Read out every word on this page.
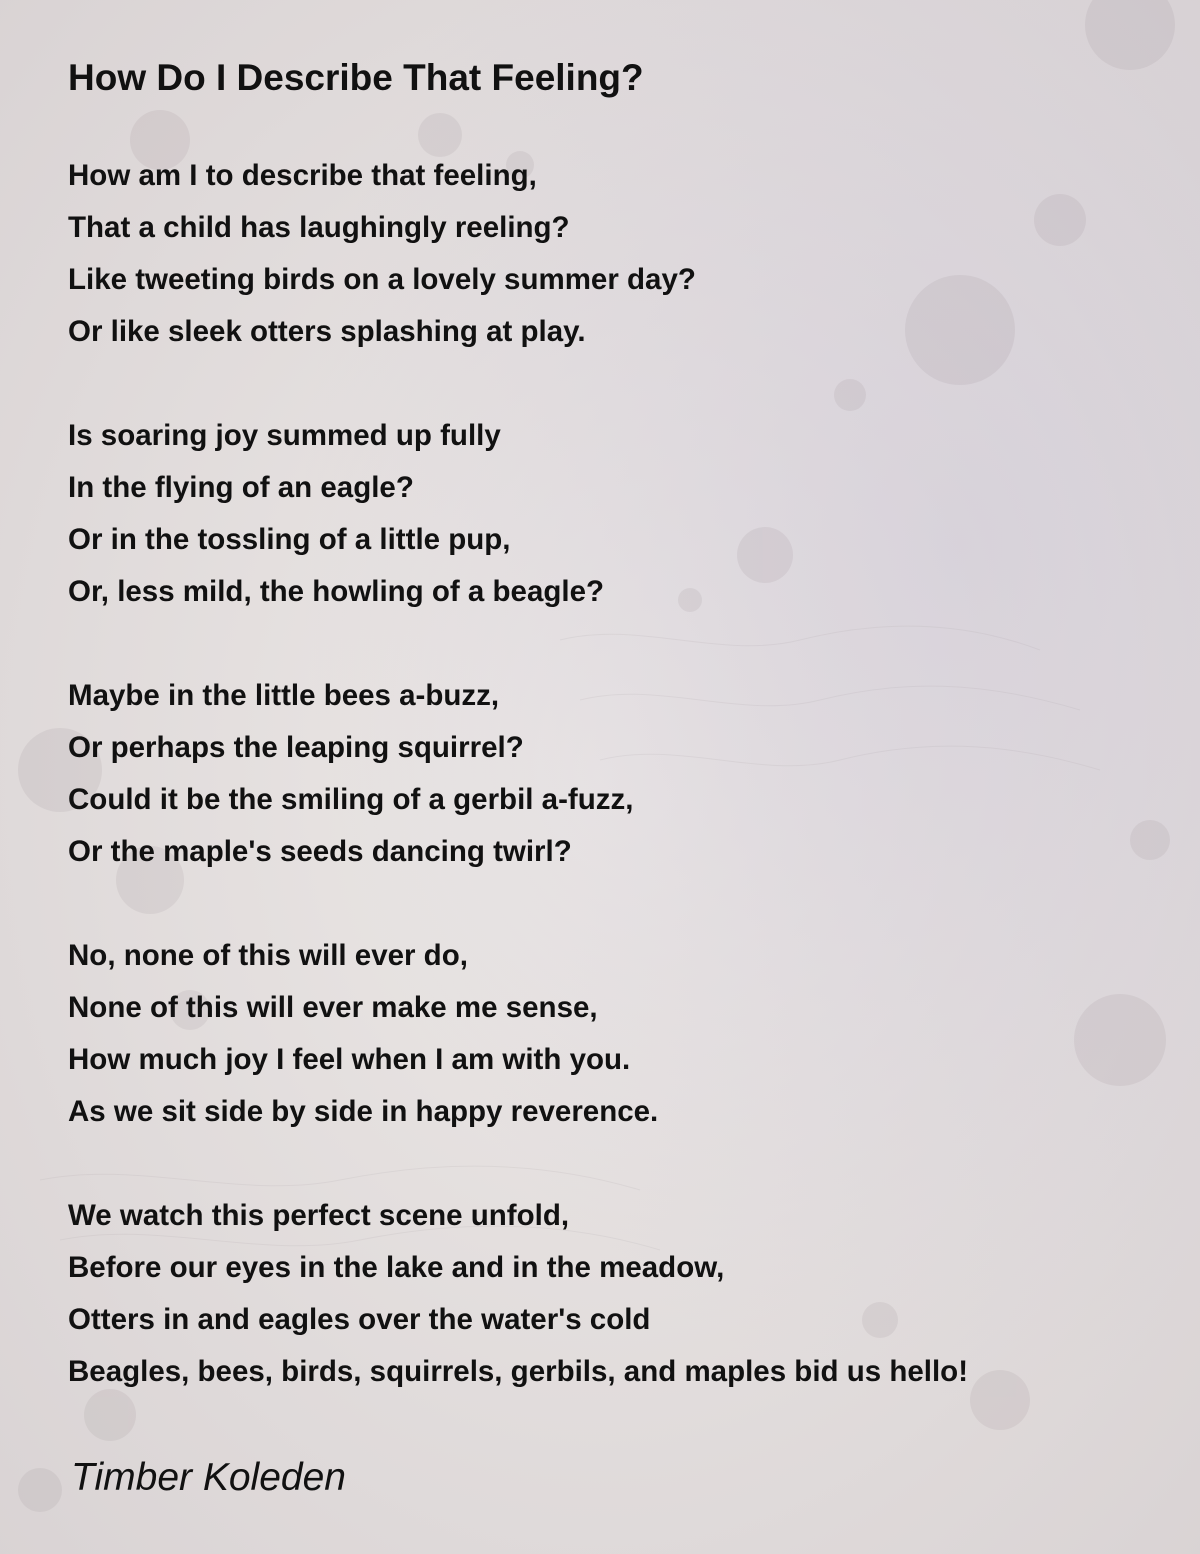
How Do I Describe That Feeling?
How am I to describe that feeling,
That a child has laughingly reeling?
Like tweeting birds on a lovely summer day?
Or like sleek otters splashing at play.
Is soaring joy summed up fully
In the flying of an eagle?
Or in the tossling of a little pup,
Or, less mild, the howling of a beagle?
Maybe in the little bees a-buzz,
Or perhaps the leaping squirrel?
Could it be the smiling of a gerbil a-fuzz,
Or the maple's seeds dancing twirl?
No, none of this will ever do,
None of this will ever make me sense,
How much joy I feel when I am with you.
As we sit side by side in happy reverence.
We watch this perfect scene unfold,
Before our eyes in the lake and in the meadow,
Otters in and eagles over the water's cold
Beagles, bees, birds, squirrels, gerbils, and maples bid us hello!
Timber Koleden
